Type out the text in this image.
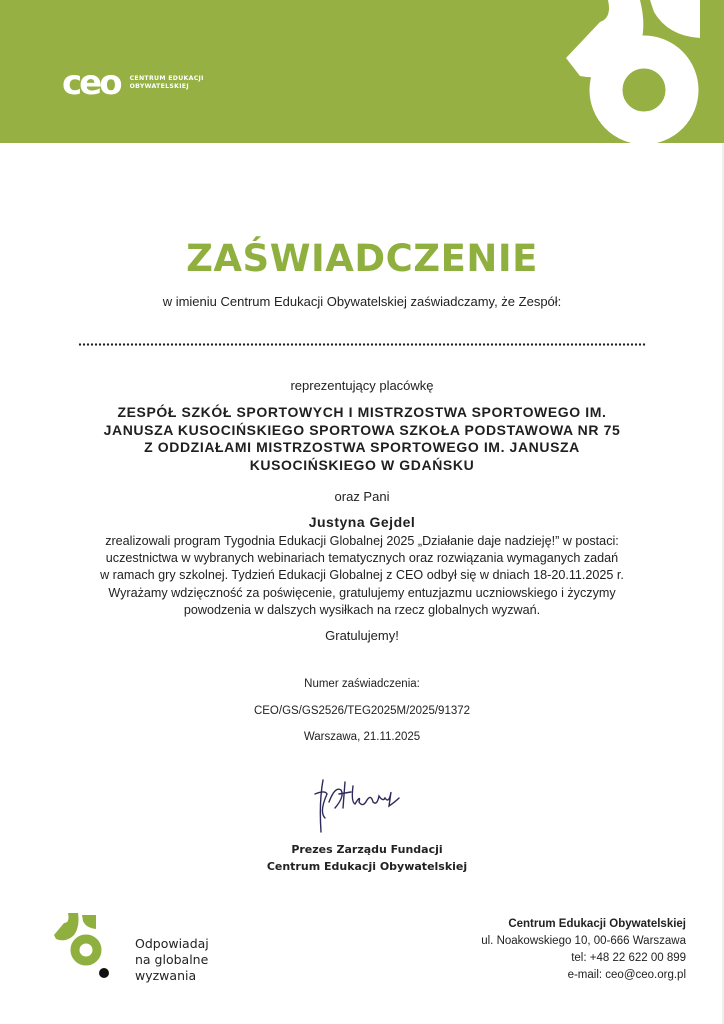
ceo CENTRUM EDUKACJI
OBYWATELSKIEJ
ZAŚWIADCZENIE
w imieniu Centrum Edukacji Obywatelskiej zaświadczamy, że Zespół:
reprezentujący placówkę
ZESPÓŁ SZKÓŁ SPORTOWYCH I MISTRZOSTWA SPORTOWEGO IM.
JANUSZA KUSOCIŃSKIEGO SPORTOWA SZKOŁA PODSTAWOWA NR 75
Z ODDZIAŁAMI MISTRZOSTWA SPORTOWEGO IM. JANUSZA
KUSOCIŃSKIEGO W GDAŃSKU
oraz Pani
Justyna Gejdel
zrealizowali program Tygodnia Edukacji Globalnej 2025 „Działanie daje nadzieję!” w postaci:
uczestnictwa w wybranych webinariach tematycznych oraz rozwiązania wymaganych zadań
w ramach gry szkolnej. Tydzień Edukacji Globalnej z CEO odbył się w dniach 18-20.11.2025 r.
Wyrażamy wdzięczność za poświęcenie, gratulujemy entuzjazmu uczniowskiego i życzymy
powodzenia w dalszych wysiłkach na rzecz globalnych wyzwań.
Gratulujemy!
Numer zaświadczenia:
CEO/GS/GS2526/TEG2025M/2025/91372
Warszawa, 21.11.2025
Prezes Zarządu Fundacji
Centrum Edukacji Obywatelskiej
Odpowiadaj
na globalne
wyzwania
Centrum Edukacji Obywatelskiej
ul. Noakowskiego 10, 00-666 Warszawa
tel: +48 22 622 00 899
e-mail: ceo@ceo.org.pl
